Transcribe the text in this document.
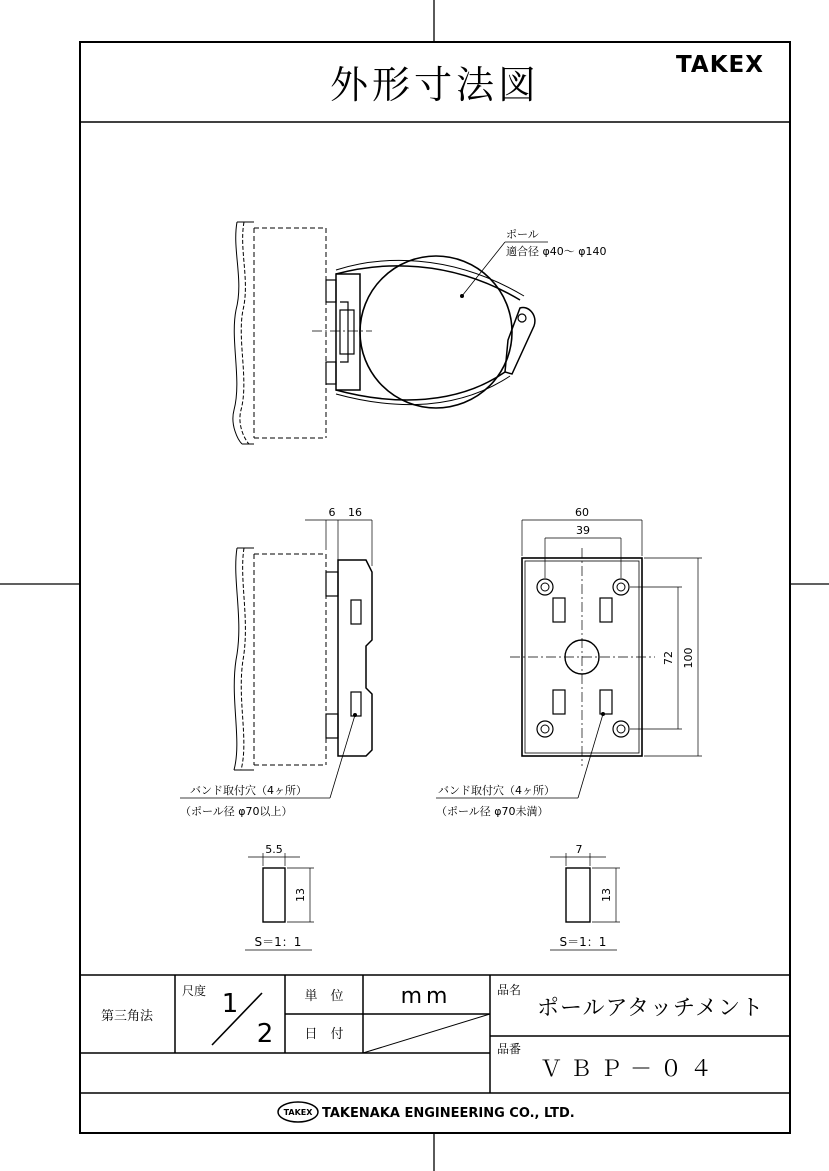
外形寸法図	TAKEX
ポール
適合径 φ40～ φ140
6 16
バンド取付穴（4ヶ所）
（ポール径 φ70以上）
60
39
72 100
バンド取付穴（4ヶ所）
（ポール径 φ70未満）
5.5
13
S＝1：1
7
13
S＝1：1
第三角法
尺度 1
2
単　位	mm
日　付
品名
ポールアタッチメント
品番
ＶＢＰ－０４
TAKEX TAKENAKA ENGINEERING CO., LTD.
